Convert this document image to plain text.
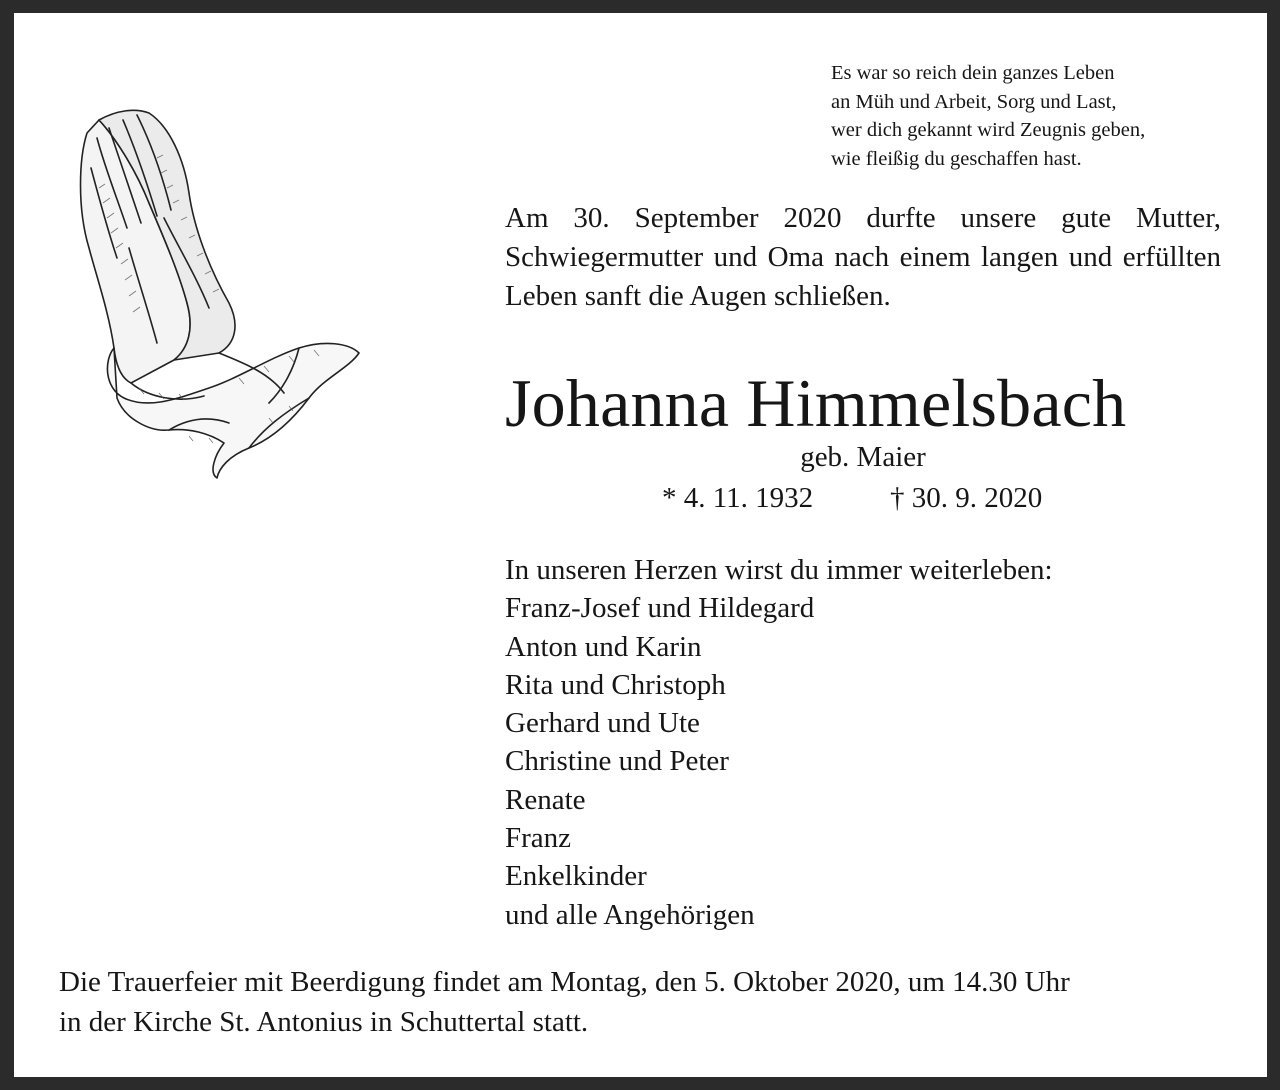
Es war so reich dein ganzes Leben
an Müh und Arbeit, Sorg und Last,
wer dich gekannt wird Zeugnis geben,
wie fleißig du geschaffen hast.
Am 30. September 2020 durfte unsere gute Mutter, Schwiegermutter und Oma nach einem langen und erfüllten Leben sanft die Augen schließen.
Johanna Himmelsbach
geb. Maier
* 4. 11. 1932	† 30. 9. 2020
In unseren Herzen wirst du immer weiterleben:
Franz-Josef und Hildegard
Anton und Karin
Rita und Christoph
Gerhard und Ute
Christine und Peter
Renate
Franz
Enkelkinder
und alle Angehörigen
Die Trauerfeier mit Beerdigung findet am Montag, den 5. Oktober 2020, um 14.30 Uhr
in der Kirche St. Antonius in Schuttertal statt.
